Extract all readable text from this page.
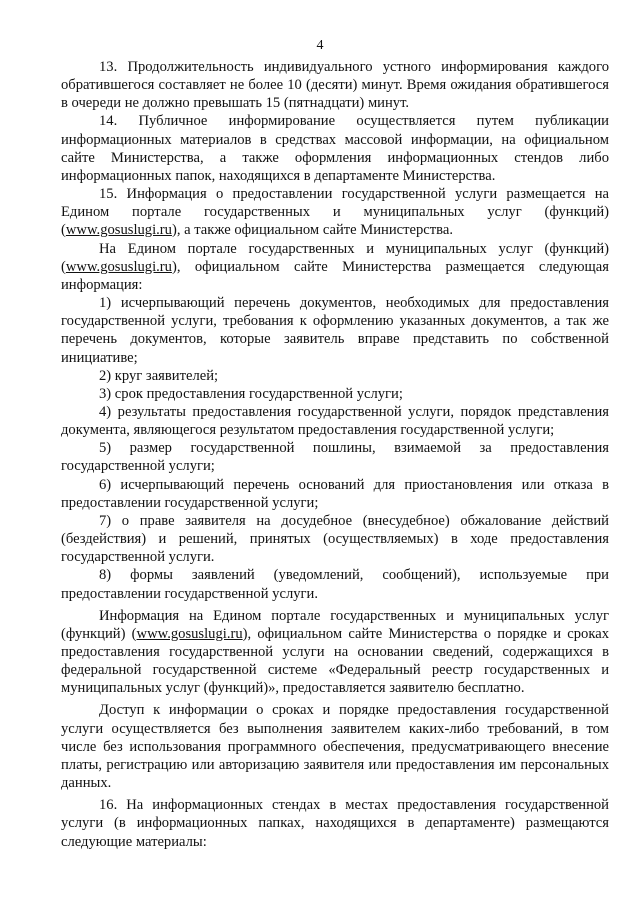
4

13. Продолжительность индивидуального устного информирования каждого обратившегося составляет не более 10 (десяти) минут. Время ожидания обратившегося в очереди не должно превышать 15 (пятнадцати) минут.

14. Публичное информирование осуществляется путем публикации информационных материалов в средствах массовой информации, на официальном сайте Министерства, а также оформления информационных стендов либо информационных папок, находящихся в департаменте Министерства.

15. Информация о предоставлении государственной услуги размещается на Едином портале государственных и муниципальных услуг (функций) (www.gosuslugi.ru), а также официальном сайте Министерства.

На Едином портале государственных и муниципальных услуг (функций) (www.gosuslugi.ru), официальном сайте Министерства размещается следующая информация:

1) исчерпывающий перечень документов, необходимых для предоставления государственной услуги, требования к оформлению указанных документов, а так же перечень документов, которые заявитель вправе представить по собственной инициативе;

2) круг заявителей;

3) срок предоставления государственной услуги;

4) результаты предоставления государственной услуги, порядок представления документа, являющегося результатом предоставления государственной услуги;

5) размер государственной пошлины, взимаемой за предоставления государственной услуги;

6) исчерпывающий перечень оснований для приостановления или отказа в предоставлении государственной услуги;

7) о праве заявителя на досудебное (внесудебное) обжалование действий (бездействия) и решений, принятых (осуществляемых) в ходе предоставления государственной услуги.

8) формы заявлений (уведомлений, сообщений), используемые при предоставлении государственной услуги.

Информация на Едином портале государственных и муниципальных услуг (функций) (www.gosuslugi.ru), официальном сайте Министерства о порядке и сроках предоставления государственной услуги на основании сведений, содержащихся в федеральной государственной системе «Федеральный реестр государственных и муниципальных услуг (функций)», предоставляется заявителю бесплатно.

Доступ к информации о сроках и порядке предоставления государственной услуги осуществляется без выполнения заявителем каких-либо требований, в том числе без использования программного обеспечения, предусматривающего внесение платы, регистрацию или авторизацию заявителя или предоставления им персональных данных.

16. На информационных стендах в местах предоставления государственной услуги (в информационных папках, находящихся в департаменте) размещаются следующие материалы:
